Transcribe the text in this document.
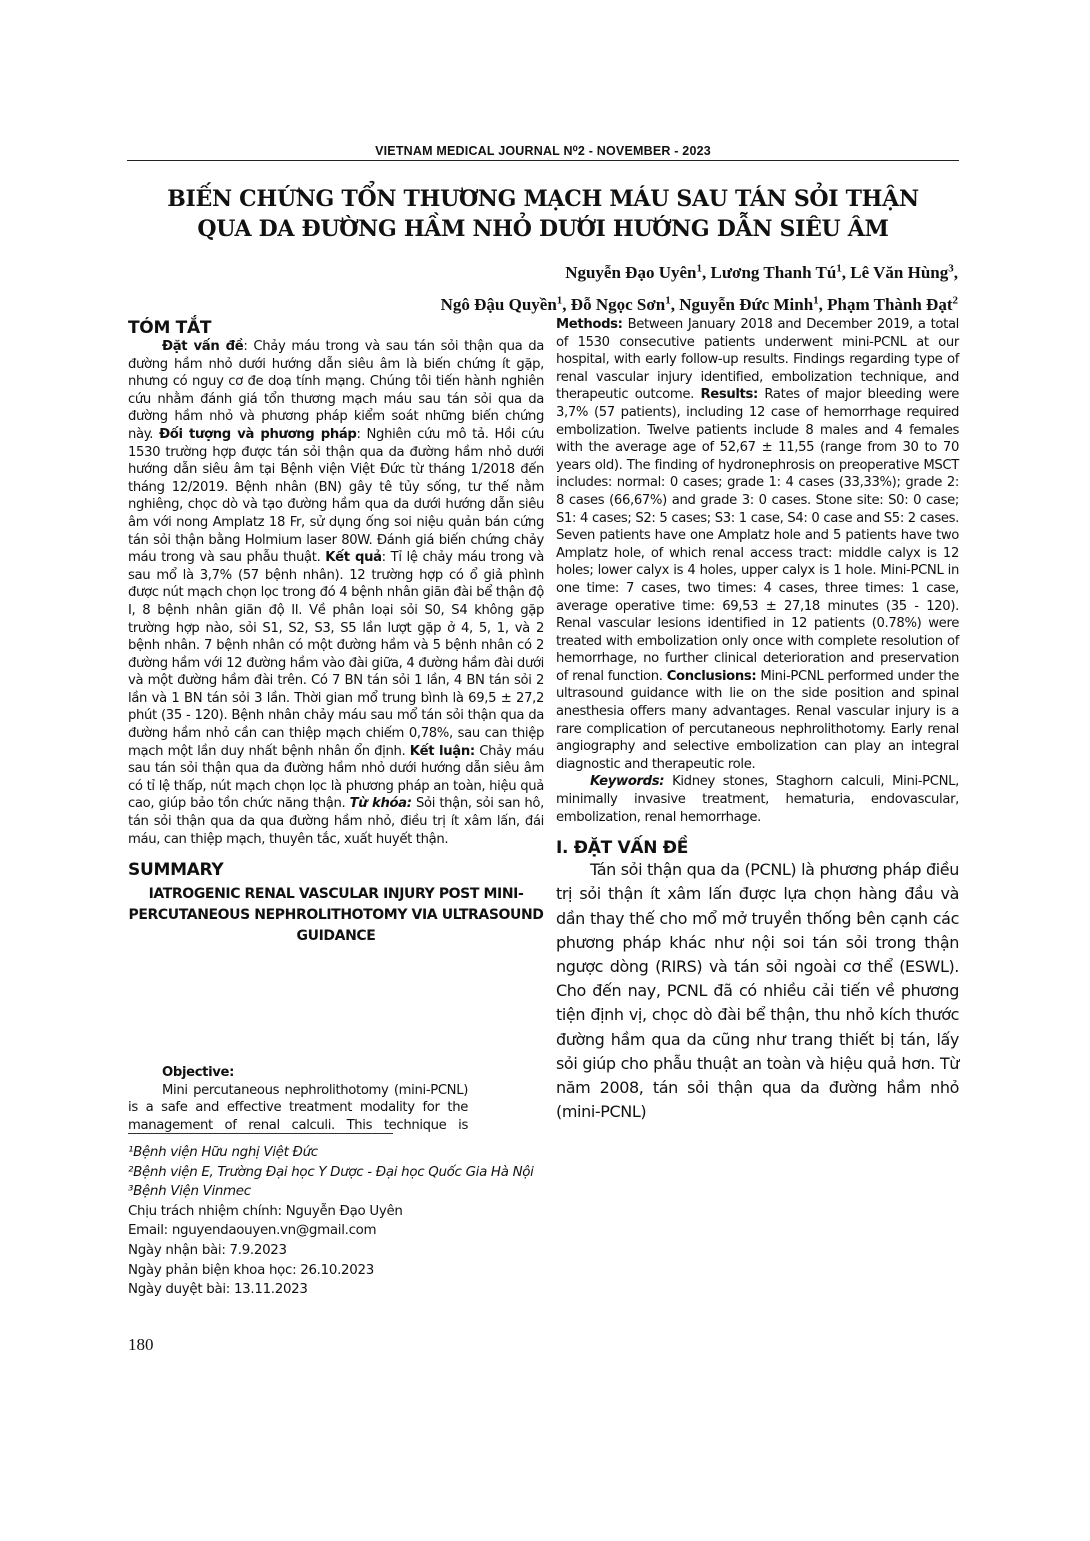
VIETNAM MEDICAL JOURNAL N⁰2 - NOVEMBER - 2023
BIẾN CHỨNG TỔN THƯƠNG MẠCH MÁU SAU TÁN SỎI THẬN
QUA DA ĐƯỜNG HẦM NHỎ DƯỚI HƯỚNG DẪN SIÊU ÂM
Nguyễn Đạo Uyên$^1$, Lương Thanh $Tú^1$, Lê Văn Hùng$^3$,
Ngô Đậu Quyền$^1$, Đỗ Ngọc Sơn$^1$, Nguyễn Đức Minh$^1$, Phạm Thành Đạt$^2$
TÓM TẮT

Đặt vấn đề: Chảy máu trong và sau tán sỏi thận qua da đường hầm nhỏ dưới hướng dẫn siêu âm là biến chứng ít gặp, nhưng có nguy cơ đe doạ tính mạng. Chúng tôi tiến hành nghiên cứu nhằm đánh giá tổn thương mạch máu sau tán sỏi qua da đường hầm nhỏ và phương pháp kiểm soát những biến chứng này. Đối tượng và phương pháp: Nghiên cứu mô tả. Hồi cứu 1530 trường hợp được tán sỏi thận qua da đường hầm nhỏ dưới hướng dẫn siêu âm tại Bệnh viện Việt Đức từ tháng 1/2018 đến tháng 12/2019. Bệnh nhân (BN) gây tê tủy sống, tư thế nằm nghiêng, chọc dò và tạo đường hầm qua da dưới hướng dẫn siêu âm với nong Amplatz 18 Fr, sử dụng ống soi niệu quản bán cứng tán sỏi thận bằng Holmium laser 80W. Đánh giá biến chứng chảy máu trong và sau phẫu thuật. Kết quả: Tỉ lệ chảy máu trong và sau mổ là 3,7% (57 bệnh nhân). 12 trường hợp có ổ giả phình được nút mạch chọn lọc trong đó 4 bệnh nhân giãn đài bể thận độ I, 8 bệnh nhân giãn độ II. Về phân loại sỏi S0, S4 không gặp trường hợp nào, sỏi S1, S2, S3, S5 lần lượt gặp ở 4, 5, 1, và 2 bệnh nhân. 7 bệnh nhân có một đường hầm và 5 bệnh nhân có 2 đường hầm với 12 đường hầm vào đài giữa, 4 đường hầm đài dưới và một đường hầm đài trên. Có 7 BN tán sỏi 1 lần, 4 BN tán sỏi 2 lần và 1 BN tán sỏi 3 lần. Thời gian mổ trung bình là 69,5 ± 27,2 phút (35 - 120). Bệnh nhân chảy máu sau mổ tán sỏi thận qua da đường hầm nhỏ cần can thiệp mạch chiếm 0,78%, sau can thiệp mạch một lần duy nhất bệnh nhân ổn định. Kết luận: Chảy máu sau tán sỏi thận qua da đường hầm nhỏ dưới hướng dẫn siêu âm có tỉ lệ thấp, nút mạch chọn lọc là phương pháp an toàn, hiệu quả cao, giúp bảo tồn chức năng thận. Từ khóa: Sỏi thận, sỏi san hô, tán sỏi thận qua da qua đường hầm nhỏ, điều trị ít xâm lấn, đái máu, can thiệp mạch, thuyên tắc, xuất huyết thận.

SUMMARY
IATROGENIC RENAL VASCULAR INJURY POST MINI-PERCUTANEOUS NEPHROLITHOTOMY VIA ULTRASOUND GUIDANCE

Objective:Mini percutaneous nephrolithotomy (mini-PCNL) is a safe and effective treatment modality for the management of renal calculi. This technique is

¹Bệnh viện Hữu nghị Việt Đức
²Bệnh viện E, Trường Đại học Y Dược - Đại học Quốc Gia Hà Nội
³Bệnh Viện Vinmec
Chịu trách nhiệm chính: Nguyễn Đạo Uyên
Email: nguyendaouyen.vn@gmail.com
Ngày nhận bài: 7.9.2023
Ngày phản biện khoa học: 26.10.2023
Ngày duyệt bài: 13.11.2023
180

Methods: Between January 2018 and December 2019, a total of 1530 consecutive patients underwent mini-PCNL at our hospital, with early follow-up results. Findings regarding type of renal vascular injury identified, embolization technique, and therapeutic outcome. Results: Rates of major bleeding were 3,7% (57 patients), including 12 case of hemorrhage required embolization. Twelve patients include 8 males and 4 females with the average age of 52,67 ± 11,55 (range from 30 to 70 years old). The finding of hydronephrosis on preoperative MSCT includes: normal: 0 cases; grade 1: 4 cases (33,33%); grade 2: 8 cases (66,67%) and grade 3: 0 cases. Stone site: S0: 0 case; S1: 4 cases; S2: 5 cases; S3: 1 case, S4: 0 case and S5: 2 cases. Seven patients have one Amplatz hole and 5 patients have two Amplatz hole, of which renal access tract: middle calyx is 12 holes; lower calyx is 4 holes, upper calyx is 1 hole. Mini-PCNL in one time: 7 cases, two times: 4 cases, three times: 1 case, average operative time: 69,53 ± 27,18 minutes (35 - 120). Renal vascular lesions identified in 12 patients (0.78%) were treated with embolization only once with complete resolution of hemorrhage, no further clinical deterioration and preservation of renal function. Conclusions: Mini-PCNL performed under the ultrasound guidance with lie on the side position and spinal anesthesia offers many advantages. Renal vascular injury is a rare complication of percutaneous nephrolithotomy. Early renal angiography and selective embolization can play an integral diagnostic and therapeutic role.

Keywords: Kidney stones, Staghorn calculi, Mini-PCNL, minimally invasive treatment, hematuria, endovascular, embolization, renal hemorrhage.

I. ĐẶT VẤN ĐỀ

Tán sỏi thận qua da (PCNL) là phương pháp điều trị sỏi thận ít xâm lấn được lựa chọn hàng đầu và dần thay thế cho mổ mở truyền thống bên cạnh các phương pháp khác như nội soi tán sỏi trong thận ngược dòng (RIRS) và tán sỏi ngoài cơ thể (ESWL). Cho đến nay, PCNL đã có nhiều cải tiến về phương tiện định vị, chọc dò đài bể thận, thu nhỏ kích thước đường hầm qua da cũng như trang thiết bị tán, lấy sỏi giúp cho phẫu thuật an toàn và hiệu quả hơn. Từ năm 2008, tán sỏi thận qua da đường hầm nhỏ (mini-PCNL)
